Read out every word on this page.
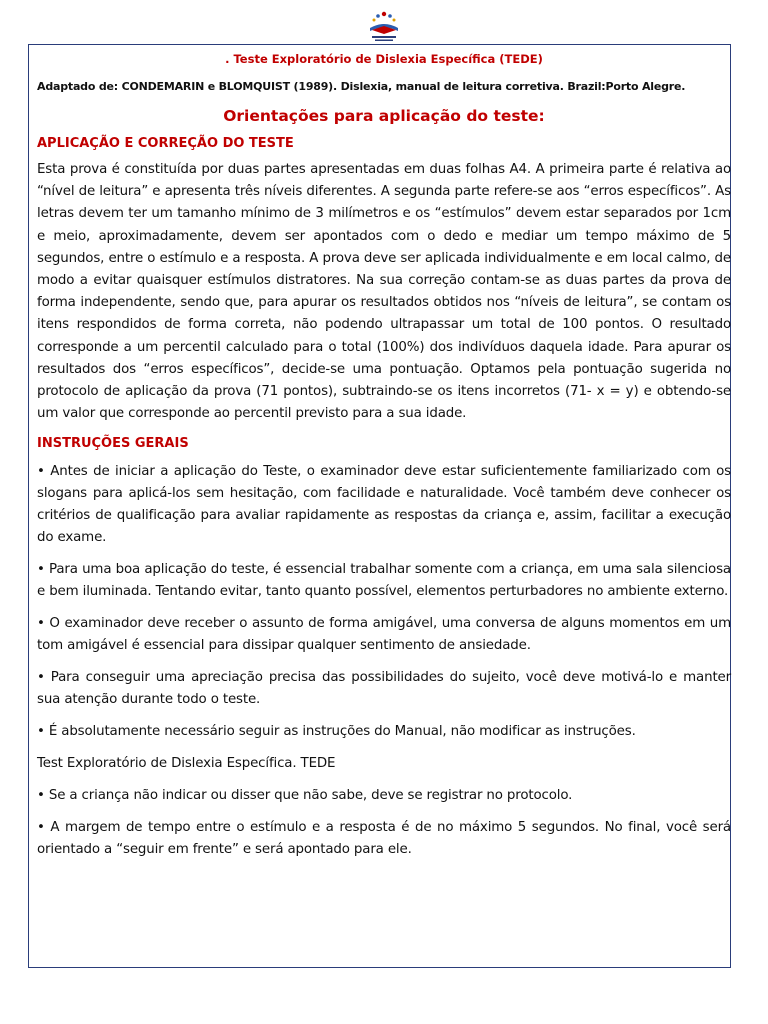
. Teste Exploratório de Dislexia Específica (TEDE)
Adaptado de: CONDEMARIN e BLOMQUIST (1989). Dislexia, manual de leitura corretiva. Brazil:Porto Alegre.
Orientações para aplicação do teste:
APLICAÇÃO E CORREÇÃO DO TESTE
Esta prova é constituída por duas partes apresentadas em duas folhas A4. A primeira parte é relativa ao “nível de leitura” e apresenta três níveis diferentes. A segunda parte refere-se aos “erros específicos”. As letras devem ter um tamanho mínimo de 3 milímetros e os “estímulos” devem estar separados por 1cm e meio, aproximadamente, devem ser apontados com o dedo e mediar um tempo máximo de 5 segundos, entre o estímulo e a resposta. A prova deve ser aplicada individualmente e em local calmo, de modo a evitar quaisquer estímulos distratores. Na sua correção contam-se as duas partes da prova de forma independente, sendo que, para apurar os resultados obtidos nos “níveis de leitura”, se contam os itens respondidos de forma correta, não podendo ultrapassar um total de 100 pontos. O resultado corresponde a um percentil calculado para o total (100%) dos indivíduos daquela idade. Para apurar os resultados dos “erros específicos”, decide-se uma pontuação. Optamos pela pontuação sugerida no protocolo de aplicação da prova (71 pontos), subtraindo-se os itens incorretos (71- x = y) e obtendo-se um valor que corresponde ao percentil previsto para a sua idade.
INSTRUÇÕES GERAIS
• Antes de iniciar a aplicação do Teste, o examinador deve estar suficientemente familiarizado com os slogans para aplicá-los sem hesitação, com facilidade e naturalidade. Você também deve conhecer os critérios de qualificação para avaliar rapidamente as respostas da criança e, assim, facilitar a execução do exame.
• Para uma boa aplicação do teste, é essencial trabalhar somente com a criança, em uma sala silenciosa e bem iluminada. Tentando evitar, tanto quanto possível, elementos perturbadores no ambiente externo.
• O examinador deve receber o assunto de forma amigável, uma conversa de alguns momentos em um tom amigável é essencial para dissipar qualquer sentimento de ansiedade.
• Para conseguir uma apreciação precisa das possibilidades do sujeito, você deve motivá-lo e manter sua atenção durante todo o teste.
• É absolutamente necessário seguir as instruções do Manual, não modificar as instruções.
Test Exploratório de Dislexia Específica. TEDE
• Se a criança não indicar ou disser que não sabe, deve se registrar no protocolo.
• A margem de tempo entre o estímulo e a resposta é de no máximo 5 segundos. No final, você será orientado a “seguir em frente” e será apontado para ele.
